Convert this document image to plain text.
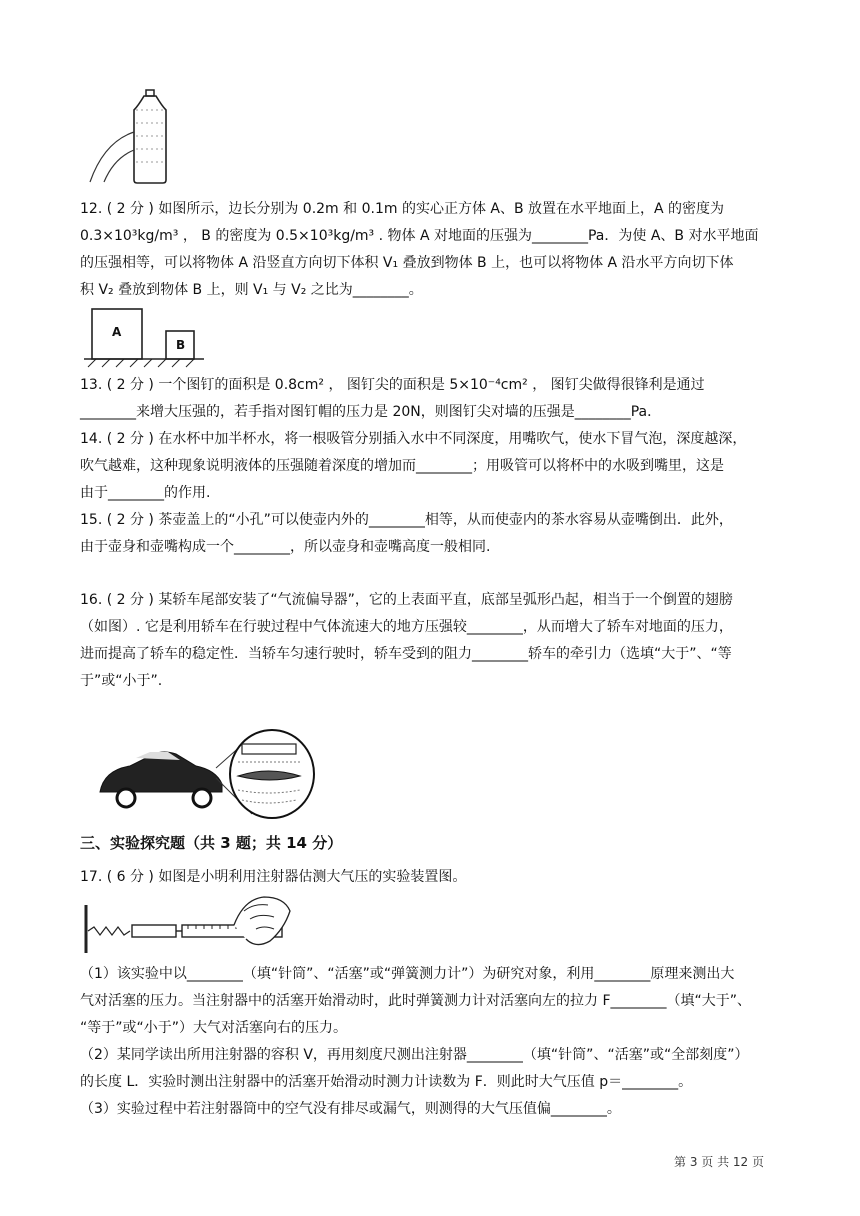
12. ( 2 分 ) 如图所示，边长分别为 0.2m 和 0.1m 的实心正方体 A、B 放置在水平地面上，A 的密度为
0.3×10³kg/m³ ， B 的密度为 0.5×10³kg/m³ . 物体 A 对地面的压强为________Pa．为使 A、B 对水平地面
的压强相等，可以将物体 A 沿竖直方向切下体积 V₁ 叠放到物体 B 上，也可以将物体 A 沿水平方向切下体
积 V₂ 叠放到物体 B 上，则 V₁ 与 V₂ 之比为________。
A
B
13. ( 2 分 ) 一个图钉的面积是 0.8cm² ， 图钉尖的面积是 5×10⁻⁴cm² ， 图钉尖做得很锋利是通过
________来增大压强的，若手指对图钉帽的压力是 20N，则图钉尖对墙的压强是________Pa．
14. ( 2 分 ) 在水杯中加半杯水，将一根吸管分别插入水中不同深度，用嘴吹气，使水下冒气泡，深度越深，
吹气越难，这种现象说明液体的压强随着深度的增加而________；用吸管可以将杯中的水吸到嘴里，这是
由于________的作用.
15. ( 2 分 ) 茶壶盖上的“小孔”可以使壶内外的________相等，从而使壶内的茶水容易从壶嘴倒出．此外，
由于壶身和壶嘴构成一个________，所以壶身和壶嘴高度一般相同.
16. ( 2 分 ) 某轿车尾部安装了“气流偏导器”，它的上表面平直，底部呈弧形凸起，相当于一个倒置的翅膀
（如图）. 它是利用轿车在行驶过程中气体流速大的地方压强较________，从而增大了轿车对地面的压力，
进而提高了轿车的稳定性．当轿车匀速行驶时，轿车受到的阻力________轿车的牵引力（选填“大于”、“等
于”或“小于”.
三、实验探究题（共 3 题；共 14 分）
17. ( 6 分 ) 如图是小明利用注射器估测大气压的实验装置图。
（1）该实验中以________（填“针筒”、“活塞”或“弹簧测力计”）为研究对象，利用________原理来测出大
气对活塞的压力。当注射器中的活塞开始滑动时，此时弹簧测力计对活塞向左的拉力 F________（填“大于”、
“等于”或“小于”）大气对活塞向右的压力。
（2）某同学读出所用注射器的容积 V，再用刻度尺测出注射器________（填“针筒”、“活塞”或“全部刻度”）
的长度 L．实验时测出注射器中的活塞开始滑动时测力计读数为 F．则此时大气压值 p＝________。
（3）实验过程中若注射器筒中的空气没有排尽或漏气，则测得的大气压值偏________。
第 3 页 共 12 页
